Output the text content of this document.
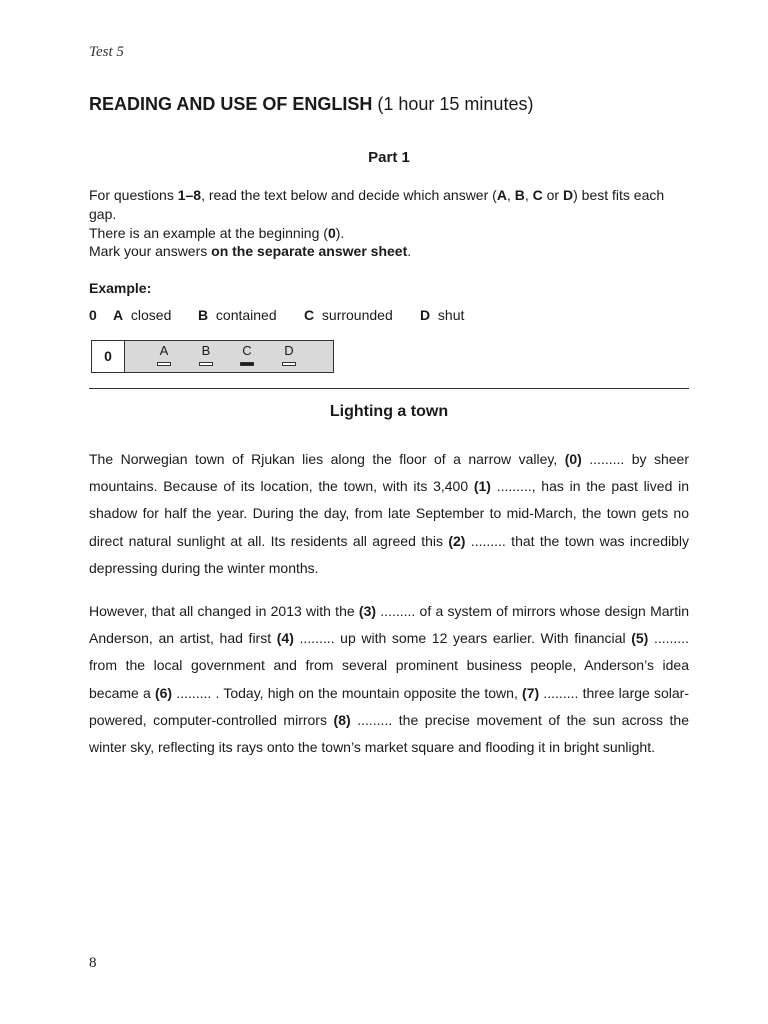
Test 5
READING AND USE OF ENGLISH (1 hour 15 minutes)
Part 1
For questions 1–8, read the text below and decide which answer (A, B, C or D) best fits each gap.
There is an example at the beginning (0).
Mark your answers on the separate answer sheet.
Example:
0 A closed B contained C surrounded D shut
0	A	B	C	D
Lighting a town
The Norwegian town of Rjukan lies along the floor of a narrow valley, (0) ......... by sheer mountains. Because of its location, the town, with its 3,400 (1) ........., has in the past lived in shadow for half the year. During the day, from late September to mid-March, the town gets no direct natural sunlight at all. Its residents all agreed this (2) ......... that the town was incredibly depressing during the winter months.
However, that all changed in 2013 with the (3) ......... of a system of mirrors whose design Martin Anderson, an artist, had first (4) ......... up with some 12 years earlier. With financial (5) ......... from the local government and from several prominent business people, Anderson’s idea became a (6) ......... . Today, high on the mountain opposite the town, (7) ......... three large solar-powered, computer-controlled mirrors (8) ......... the precise movement of the sun across the winter sky, reflecting its rays onto the town’s market square and flooding it in bright sunlight.
8
